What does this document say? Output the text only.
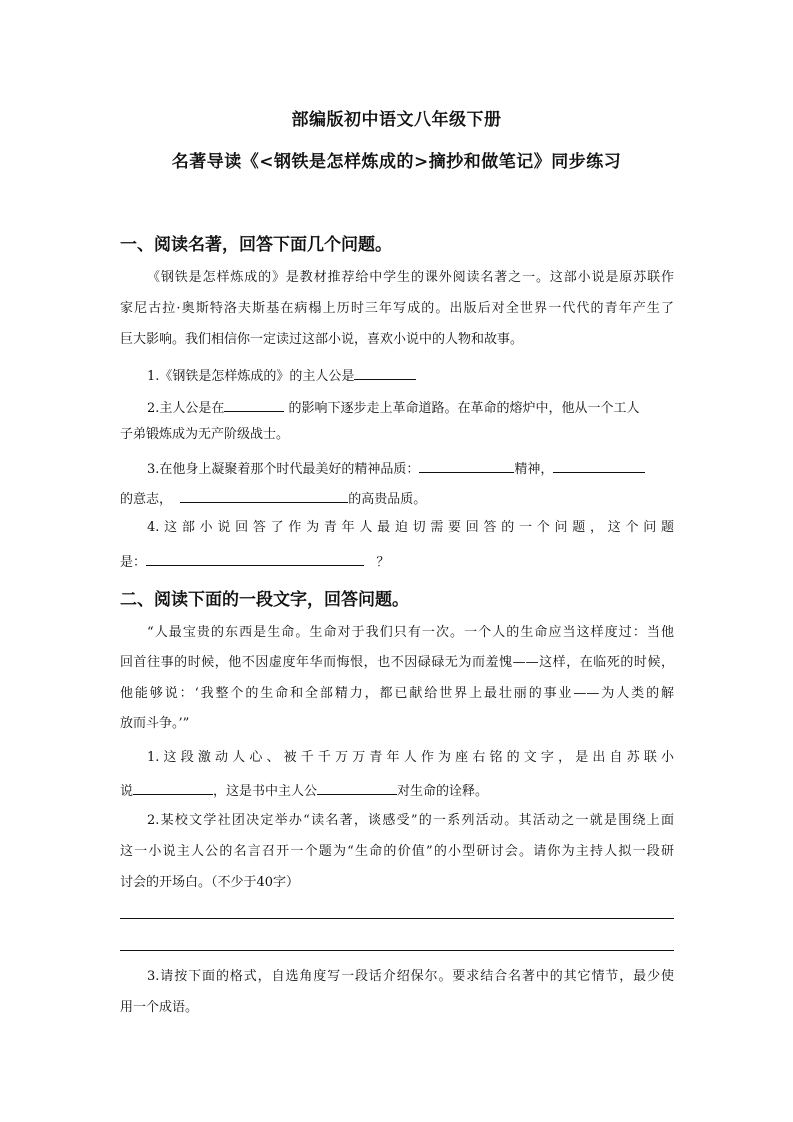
部编版初中语文八年级下册
名著导读《<钢铁是怎样炼成的>摘抄和做笔记》同步练习
一、阅读名著，回答下面几个问题。
《钢铁是怎样炼成的》是教材推荐给中学生的课外阅读名著之一。这部小说是原苏联作
家尼古拉·奥斯特洛夫斯基在病榻上历时三年写成的。出版后对全世界一代代的青年产生了
巨大影响。我们相信你一定读过这部小说，喜欢小说中的人物和故事。
1.《钢铁是怎样炼成的》的主人公是
2.主人公是在	的影响下逐步走上革命道路。在革命的熔炉中，他从一个工人
子弟锻炼成为无产阶级战士。
3.在他身上凝聚着那个时代最美好的精神品质：	精神，
的意志，	的高贵品质。
4.这部小说回答了作为青年人最迫切需要回答的一个问题，这个问题
是：	？
二、阅读下面的一段文字，回答问题。
“人最宝贵的东西是生命。生命对于我们只有一次。一个人的生命应当这样度过：当他
回首往事的时候，他不因虚度年华而悔恨，也不因碌碌无为而羞愧——这样，在临死的时候，
他能够说：‘我整个的生命和全部精力，都已献给世界上最壮丽的事业——为人类的解
放而斗争。’”
1.这段激动人心、被千千万万青年人作为座右铭的文字，是出自苏联小
说	，这是书中主人公	对生命的诠释。
2.某校文学社团决定举办“读名著，谈感受”的一系列活动。其活动之一就是围绕上面
这一小说主人公的名言召开一个题为“生命的价值”的小型研讨会。请你为主持人拟一段研
讨会的开场白。（不少于40字）
3.请按下面的格式，自选角度写一段话介绍保尔。要求结合名著中的其它情节，最少使
用一个成语。
